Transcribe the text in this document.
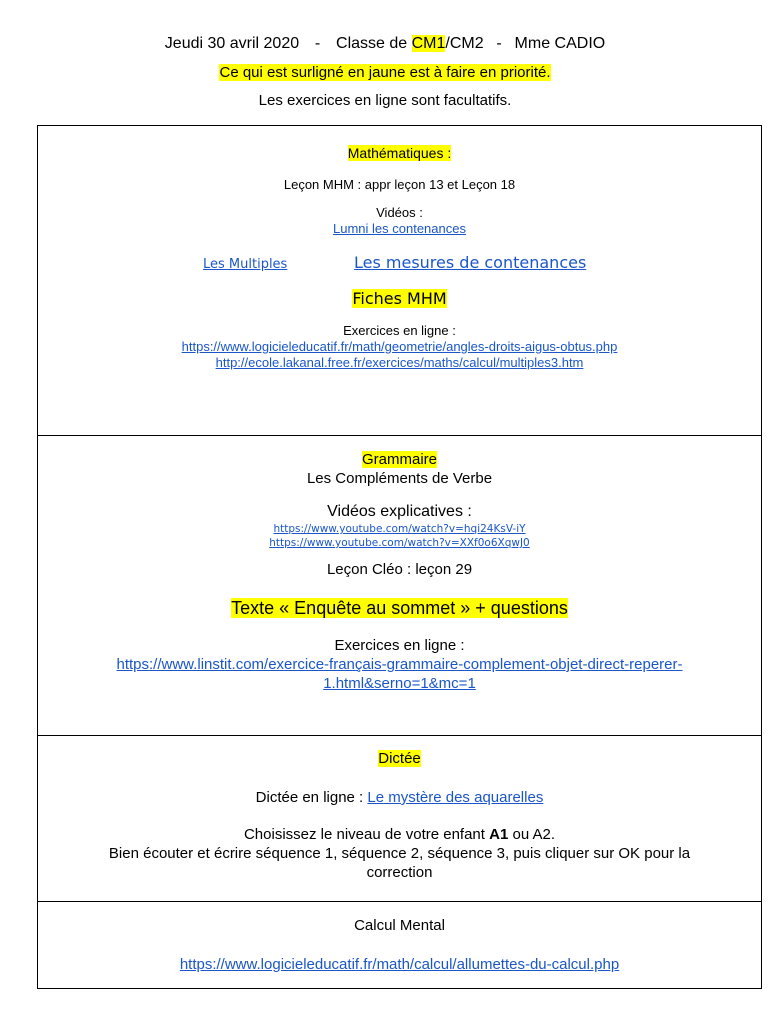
Jeudi 30 avril 2020 - Classe de CM1/CM2 - Mme CADIO
Ce qui est surligné en jaune est à faire en priorité.
Les exercices en ligne sont facultatifs.
Mathématiques :
Leçon MHM : appr leçon 13 et Leçon 18
Vidéos :
Lumni les contenances
Les Multiples	Les mesures de contenances
Fiches MHM
Exercices en ligne :
https://www.logicieleducatif.fr/math/geometrie/angles-droits-aigus-obtus.php
http://ecole.lakanal.free.fr/exercices/maths/calcul/multiples3.htm
Grammaire
Les Compléments de Verbe
Vidéos explicatives :
https://www.youtube.com/watch?v=hqi24KsV-iY
https://www.youtube.com/watch?v=XXf0o6XqwJ0
Leçon Cléo : leçon 29
Texte « Enquête au sommet » + questions
Exercices en ligne :
https://www.linstit.com/exercice-français-grammaire-complement-objet-direct-reperer-
1.html&serno=1&mc=1
Dictée
Dictée en ligne : Le mystère des aquarelles
Choisissez le niveau de votre enfant A1 ou A2.
Bien écouter et écrire séquence 1, séquence 2, séquence 3, puis cliquer sur OK pour la
correction
Calcul Mental
https://www.logicieleducatif.fr/math/calcul/allumettes-du-calcul.php
